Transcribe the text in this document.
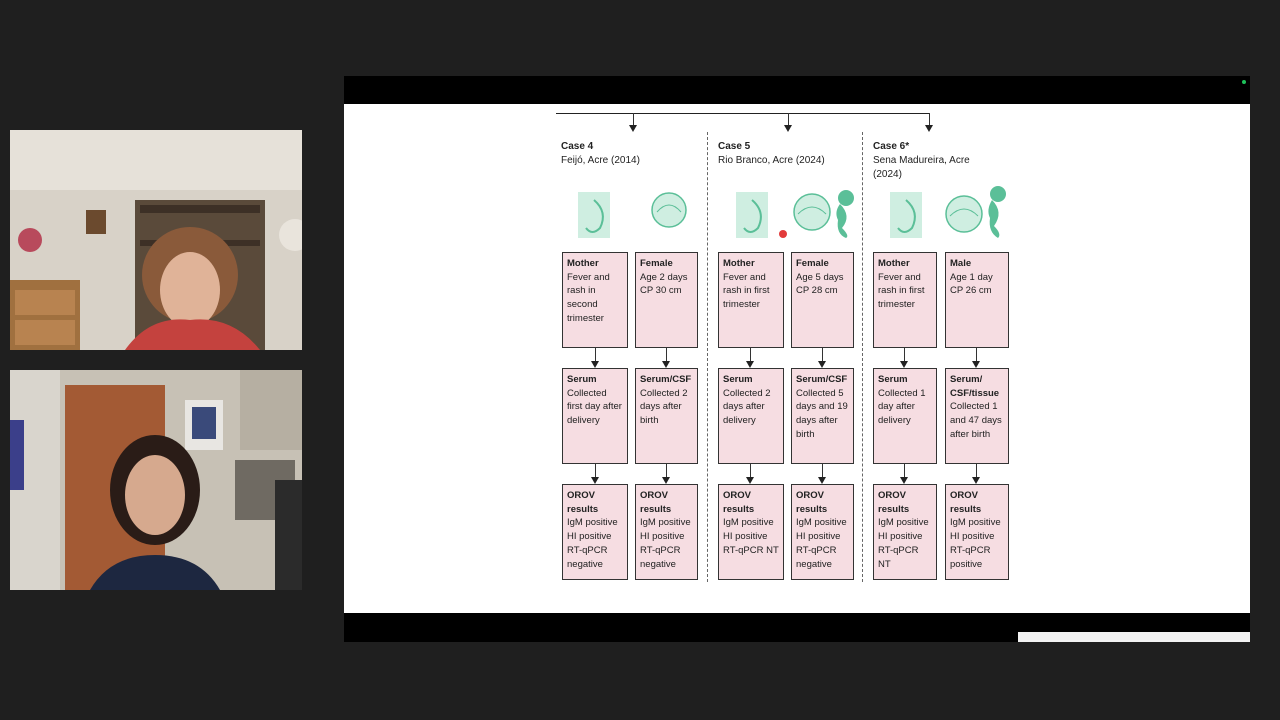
Case 4
Feijó, Acre (2014)
Mother
Fever and rash in second trimester
Female
Age 2 days CP 30 cm
Serum
Collected first day after delivery
Serum/CSF
Collected 2 days after birth
OROV results
IgM positive HI positive RT-qPCR negative
OROV results
IgM positive HI positive RT-qPCR negative
Case 5
Rio Branco, Acre (2024)
Mother
Fever and rash in first trimester
Female
Age 5 days CP 28 cm
Serum
Collected 2 days after delivery
Serum/CSF
Collected 5 days and 19 days after birth
OROV results
IgM positive HI positive RT-qPCR NT
OROV results
IgM positive HI positive RT-qPCR negative
Case 6*
Sena Madureira, Acre (2024)
Mother
Fever and rash in first trimester
Male
Age 1 day CP 26 cm
Serum
Collected 1 day after delivery
Serum/ CSF/tissue
Collected 1 and 47 days after birth
OROV results
IgM positive HI positive RT-qPCR NT
OROV results
IgM positive HI positive RT-qPCR positive
